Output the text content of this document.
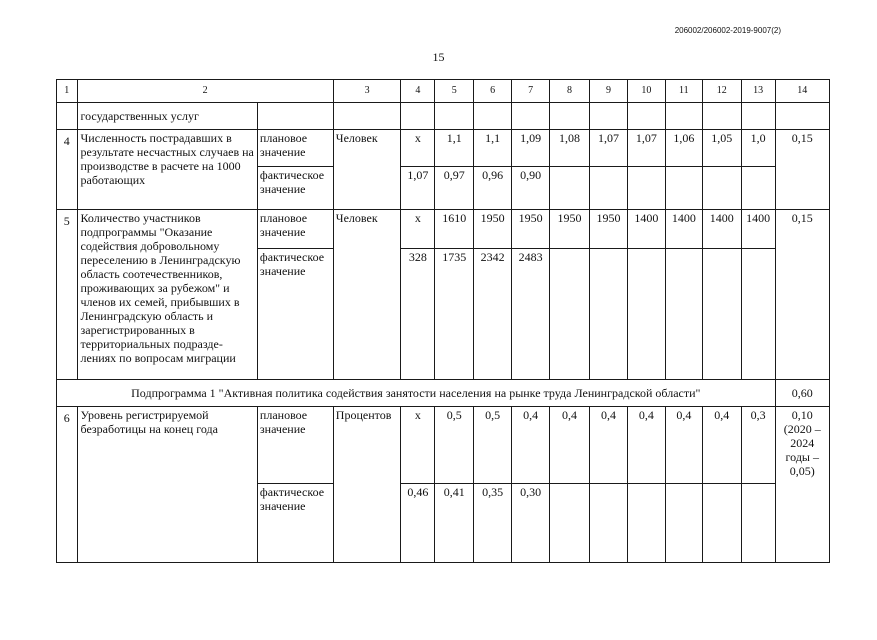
206002/206002-2019-9007(2)
15
1	2		3	4	5	6	7	8	9	10	11	12	13	14
	государственных услуг													
4	Численность пострадавших в результате несчастных случаев на производстве в расчете на 1000 работающих	плановое значение	Человек	х	1,1	1,1	1,09	1,08	1,07	1,07	1,06	1,05	1,0	0,15
		фактическое значение		1,07	0,97	0,96	0,90							
5	Количество участников подпрограммы "Оказание содействия добровольному переселению в Ленинградскую область соотечественников, проживающих за рубежом" и членов их семей, прибывших в Ленинградскую область и зарегистрированных в территориальных подразде-лениях по вопросам миграции	плановое значение	Человек	х	1610	1950	1950	1950	1950	1400	1400	1400	1400	0,15
		фактическое значение		328	1735	2342	2483							
Подпрограмма 1 "Активная политика содействия занятости населения на рынке труда Ленинградской области"														0,60
6	Уровень регистрируемой безработицы на конец года	плановое значение	Процентов	х	0,5	0,5	0,4	0,4	0,4	0,4	0,4	0,4	0,3	0,10 (2020 – 2024 годы – 0,05)
		фактическое значение		0,46	0,41	0,35	0,30							
